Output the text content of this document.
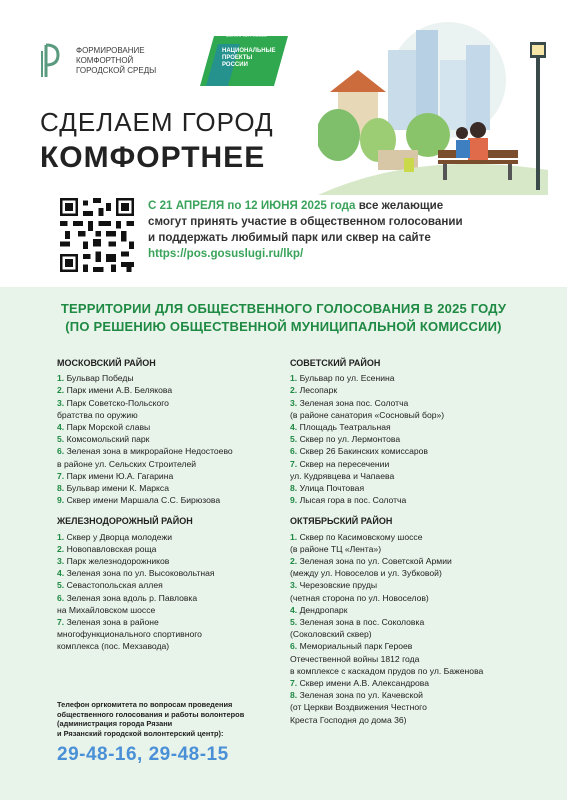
ФОРМИРОВАНИЕ
КОМФОРТНОЙ
ГОРОДСКОЙ СРЕДЫ
МИНСТРОЙ РОССИИ
НАЦИОНАЛЬНЫЕ
ПРОЕКТЫ
РОССИИ
СДЕЛАЕМ ГОРОД
КОМФОРТНЕЕ
С 21 АПРЕЛЯ по 12 ИЮНЯ 2025 года все желающие
смогут принять участие в общественном голосовании
и поддержать любимый парк или сквер на сайте
https://pos.gosuslugi.ru/lkp/
ТЕРРИТОРИИ ДЛЯ ОБЩЕСТВЕННОГО ГОЛОСОВАНИЯ В 2025 ГОДУ
(ПО РЕШЕНИЮ ОБЩЕСТВЕННОЙ МУНИЦИПАЛЬНОЙ КОМИССИИ)
МОСКОВСКИЙ РАЙОН
1. Бульвар Победы
2. Парк имени А.В. Белякова
3. Парк Советско-Польского
братства по оружию
4. Парк Морской славы
5. Комсомольский парк
6. Зеленая зона в микрорайоне Недостоево
в районе ул. Сельских Строителей
7. Парк имени Ю.А. Гагарина
8. Бульвар имени К. Маркса
9. Сквер имени Маршала С.С. Бирюзова
ЖЕЛЕЗНОДОРОЖНЫЙ РАЙОН
1. Сквер у Дворца молодежи
2. Новопавловская роща
3. Парк железнодорожников
4. Зеленая зона по ул. Высоковольтная
5. Севастопольская аллея
6. Зеленая зона вдоль р. Павловка
на Михайловском шоссе
7. Зеленая зона в районе
многофункционального спортивного
комплекса (пос. Мехзавода)
СОВЕТСКИЙ РАЙОН
1. Бульвар по ул. Есенина
2. Лесопарк
3. Зеленая зона пос. Солотча
(в районе санатория «Сосновый бор»)
4. Площадь Театральная
5. Сквер по ул. Лермонтова
6. Сквер 26 Бакинских комиссаров
7. Сквер на пересечении
ул. Кудрявцева и Чапаева
8. Улица Почтовая
9. Лысая гора в пос. Солотча
ОКТЯБРЬСКИЙ РАЙОН
1. Сквер по Касимовскому шоссе
(в районе ТЦ «Лента»)
2. Зеленая зона по ул. Советской Армии
(между ул. Новоселов и ул. Зубковой)
3. Черезовские пруды
(четная сторона по ул. Новоселов)
4. Дендропарк
5. Зеленая зона в пос. Соколовка
(Соколовский сквер)
6. Мемориальный парк Героев
Отечественной войны 1812 года
в комплексе с каскадом прудов по ул. Баженова
7. Сквер имени А.В. Александрова
8. Зеленая зона по ул. Качевской
(от Церкви Воздвижения Честного
Креста Господня до дома 36)
Телефон оргкомитета по вопросам проведения
общественного голосования и работы волонтеров
(администрация города Рязани
и Рязанский городской волонтерский центр):
29-48-16, 29-48-15
